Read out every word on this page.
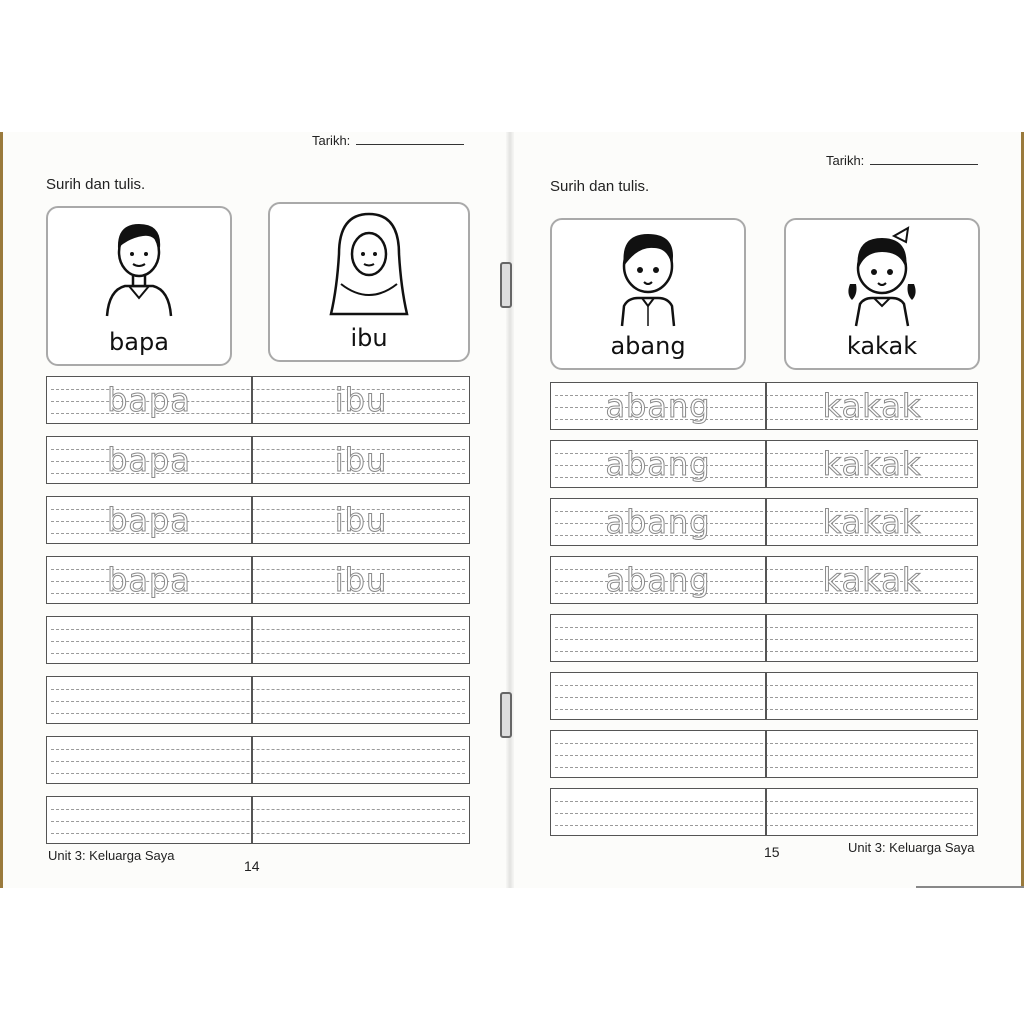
Tarikh:
Surih dan tulis.
bapa	ibu
bapa	ibu
bapa	ibu
bapa	ibu
bapa	ibu
Unit 3: Keluarga Saya
14
Tarikh:
Surih dan tulis.
abang	kakak
abang	kakak
abang	kakak
abang	kakak
abang	kakak
15	Unit 3: Keluarga Saya
